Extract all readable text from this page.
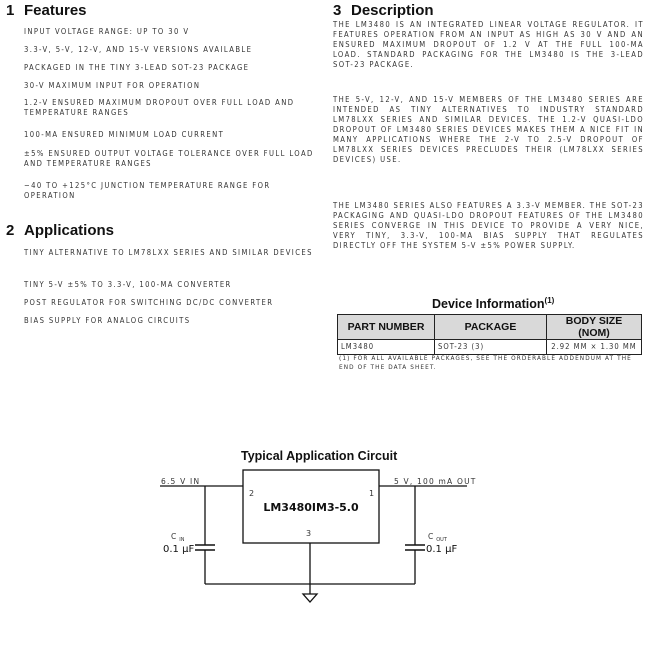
1 Features
INPUT VOLTAGE RANGE: UP TO 30 V
3.3-V, 5-V, 12-V, AND 15-V VERSIONS AVAILABLE
PACKAGED IN THE TINY 3-LEAD SOT-23 PACKAGE
30-V MAXIMUM INPUT FOR OPERATION
1.2-V ENSURED MAXIMUM DROPOUT OVER FULL LOAD AND TEMPERATURE RANGES
100-MA ENSURED MINIMUM LOAD CURRENT
±5% ENSURED OUTPUT VOLTAGE TOLERANCE OVER FULL LOAD AND TEMPERATURE RANGES
−40 TO +125°C JUNCTION TEMPERATURE RANGE FOR OPERATION
2 Applications
TINY ALTERNATIVE TO LM78LXX SERIES AND SIMILAR DEVICES
TINY 5-V ±5% TO 3.3-V, 100-MA CONVERTER
POST REGULATOR FOR SWITCHING DC/DC CONVERTER
BIAS SUPPLY FOR ANALOG CIRCUITS
3 Description
THE LM3480 IS AN INTEGRATED LINEAR VOLTAGE REGULATOR. IT FEATURES OPERATION FROM AN INPUT AS HIGH AS 30 V AND AN ENSURED MAXIMUM DROPOUT OF 1.2 V AT THE FULL 100-MA LOAD. STANDARD PACKAGING FOR THE LM3480 IS THE 3-LEAD SOT-23 PACKAGE.
THE 5-V, 12-V, AND 15-V MEMBERS OF THE LM3480 SERIES ARE INTENDED AS TINY ALTERNATIVES TO INDUSTRY STANDARD LM78LXX SERIES AND SIMILAR DEVICES. THE 1.2-V QUASI-LDO DROPOUT OF LM3480 SERIES DEVICES MAKES THEM A NICE FIT IN MANY APPLICATIONS WHERE THE 2-V TO 2.5-V DROPOUT OF LM78LXX SERIES DEVICES PRECLUDES THEIR (LM78LXX SERIES DEVICES) USE.
THE LM3480 SERIES ALSO FEATURES A 3.3-V MEMBER. THE SOT-23 PACKAGING AND QUASI-LDO DROPOUT FEATURES OF THE LM3480 SERIES CONVERGE IN THIS DEVICE TO PROVIDE A VERY NICE, VERY TINY, 3.3-V, 100-MA BIAS SUPPLY THAT REGULATES DIRECTLY OFF THE SYSTEM 5-V ±5% POWER SUPPLY.
Device Information$^{(1)}$
PART NUMBER	PACKAGE	BODY SIZE (NOM)
LM3480	SOT-23 (3)	2.92 MM × 1.30 MM
(1) FOR ALL AVAILABLE PACKAGES, SEE THE ORDERABLE ADDENDUM AT THE END OF THE DATA SHEET.
Typical Application Circuit
6.5 V IN	5 V, 100 mA OUT
LM3480IM3-5.0
2	1
3
C $_{IN}$
0.1 µF
C $_{OUT}$
0.1 µF
